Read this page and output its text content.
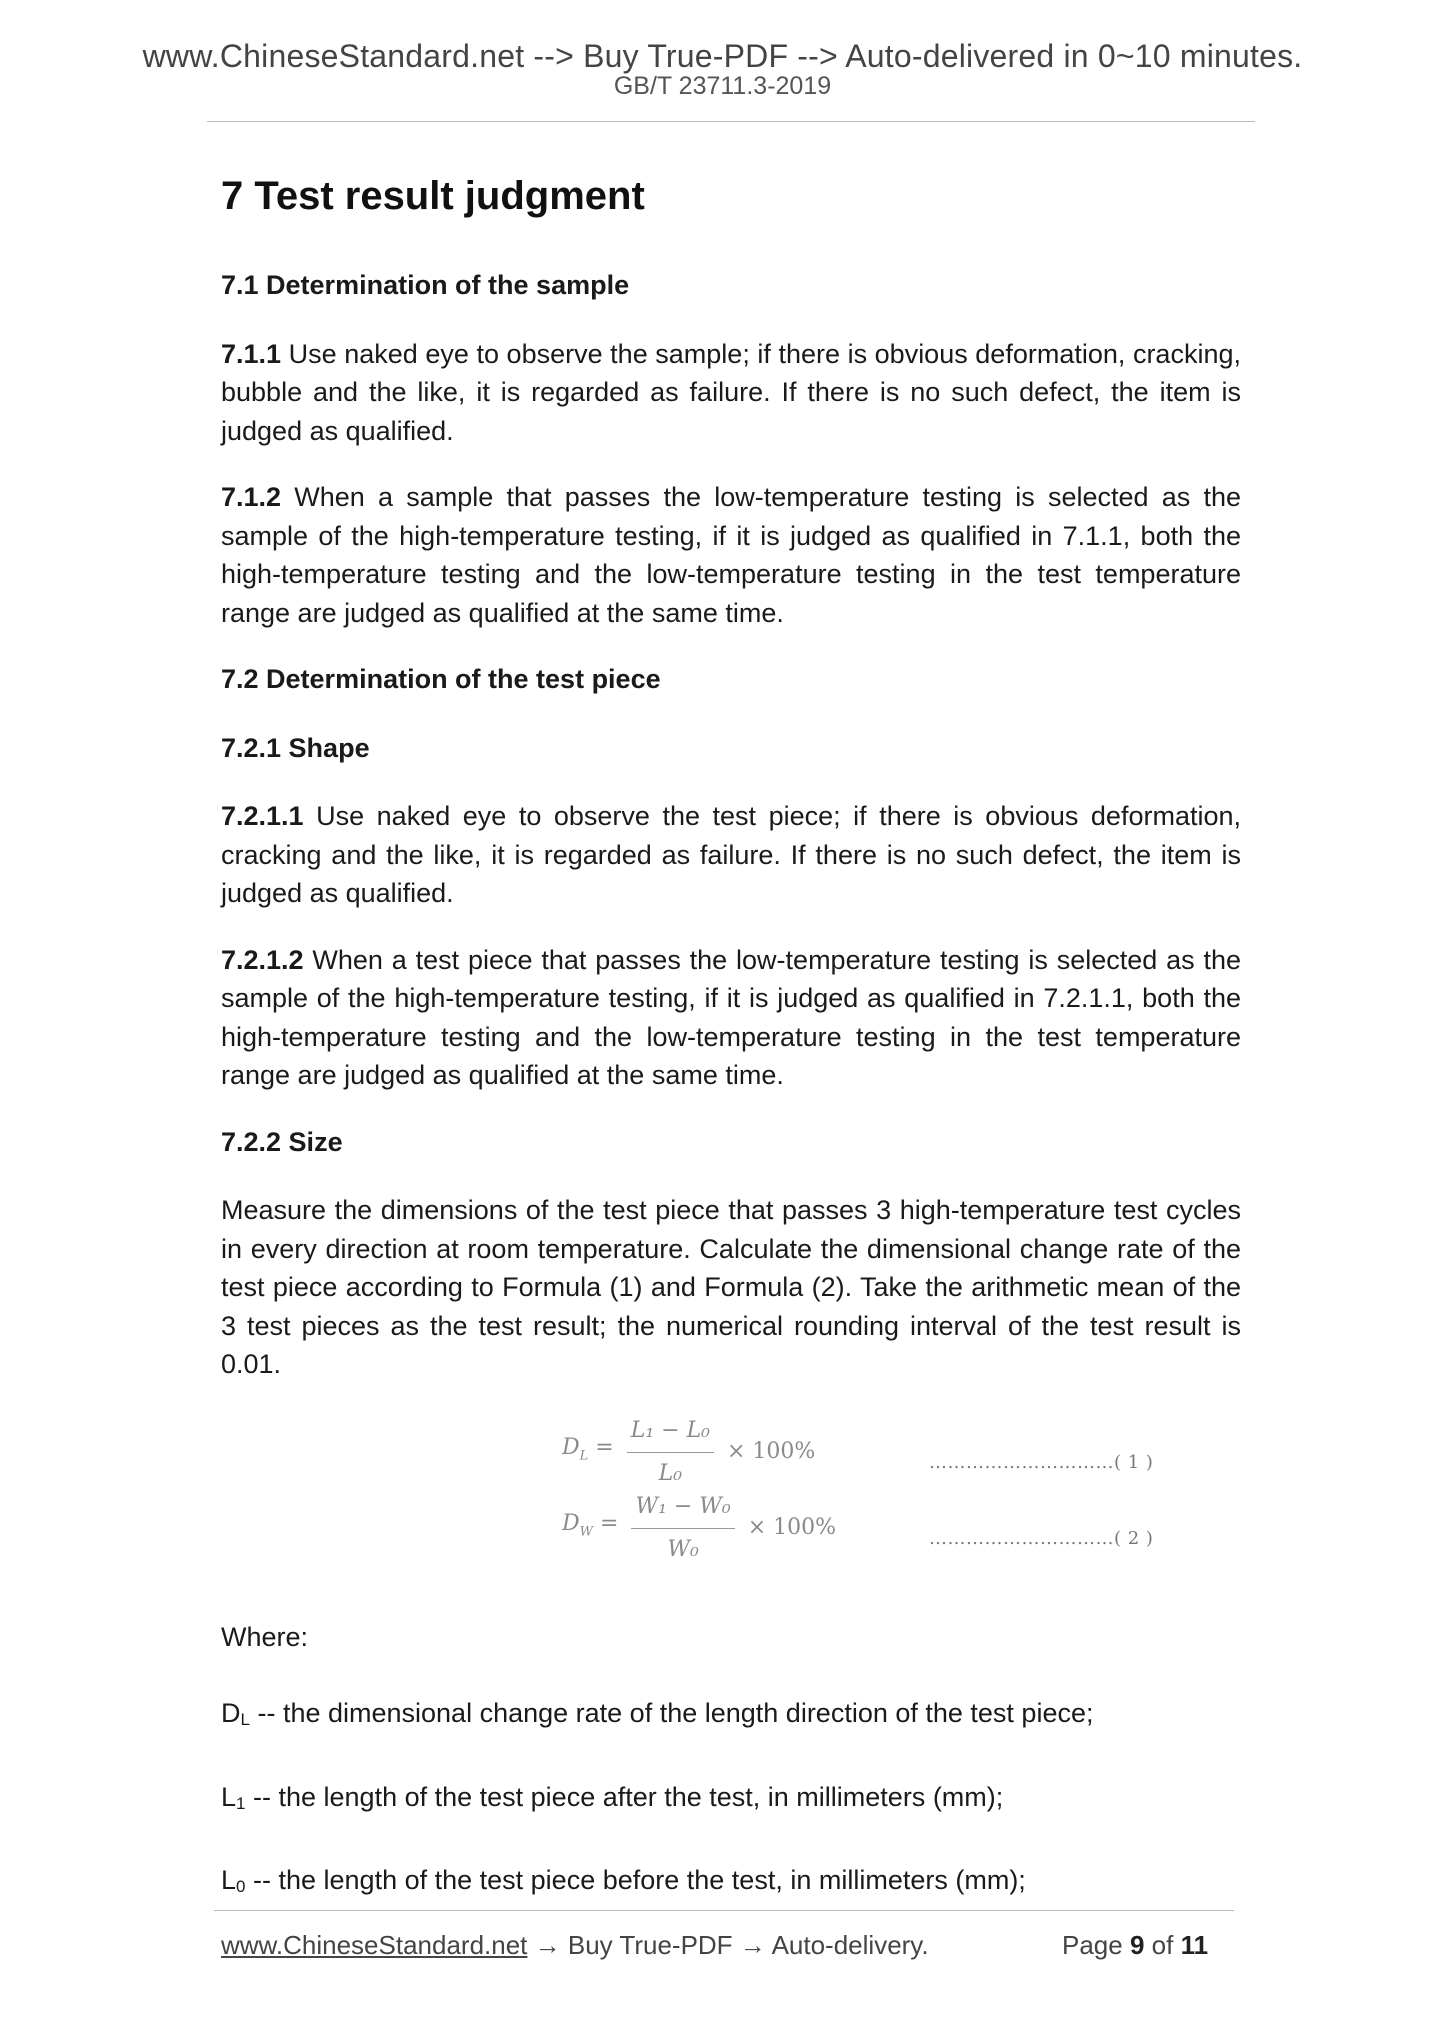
www.ChineseStandard.net --> Buy True-PDF --> Auto-delivered in 0~10 minutes.
GB/T 23711.3-2019
7 Test result judgment
7.1 Determination of the sample

7.1.1 Use naked eye to observe the sample; if there is obvious deformation, cracking, bubble and the like, it is regarded as failure. If there is no such defect, the item is judged as qualified.

7.1.2 When a sample that passes the low-temperature testing is selected as the sample of the high-temperature testing, if it is judged as qualified in 7.1.1, both the high-temperature testing and the low-temperature testing in the test temperature range are judged as qualified at the same time.

7.2 Determination of the test piece
7.2.1 Shape

7.2.1.1 Use naked eye to observe the test piece; if there is obvious deformation, cracking and the like, it is regarded as failure. If there is no such defect, the item is judged as qualified.

7.2.1.2 When a test piece that passes the low-temperature testing is selected as the sample of the high-temperature testing, if it is judged as qualified in 7.2.1.1, both the high-temperature testing and the low-temperature testing in the test temperature range are judged as qualified at the same time.

7.2.2 Size

Measure the dimensions of the test piece that passes 3 high-temperature test cycles in every direction at room temperature. Calculate the dimensional change rate of the test piece according to Formula (1) and Formula (2). Take the arithmetic mean of the 3 test pieces as the test result; the numerical rounding interval of the test result is 0.01.

$D_L = \frac{\text{L₁ − L₀}}{\text{L₀}} \times 100\%$	…………………………( 1 )
$D_W = \frac{\text{W₁ − W₀}}{\text{W₀}} \times 100\%$	…………………………( 2 )
Where:
$D_L$ -- the dimensional change rate of the length direction of the test piece;
$L_1$ -- the length of the test piece after the test, in millimeters (mm);
$L_0$ -- the length of the test piece before the test, in millimeters (mm);
www.ChineseStandard.net → Buy True-PDF → Auto-delivery.	Page 9 of 11
